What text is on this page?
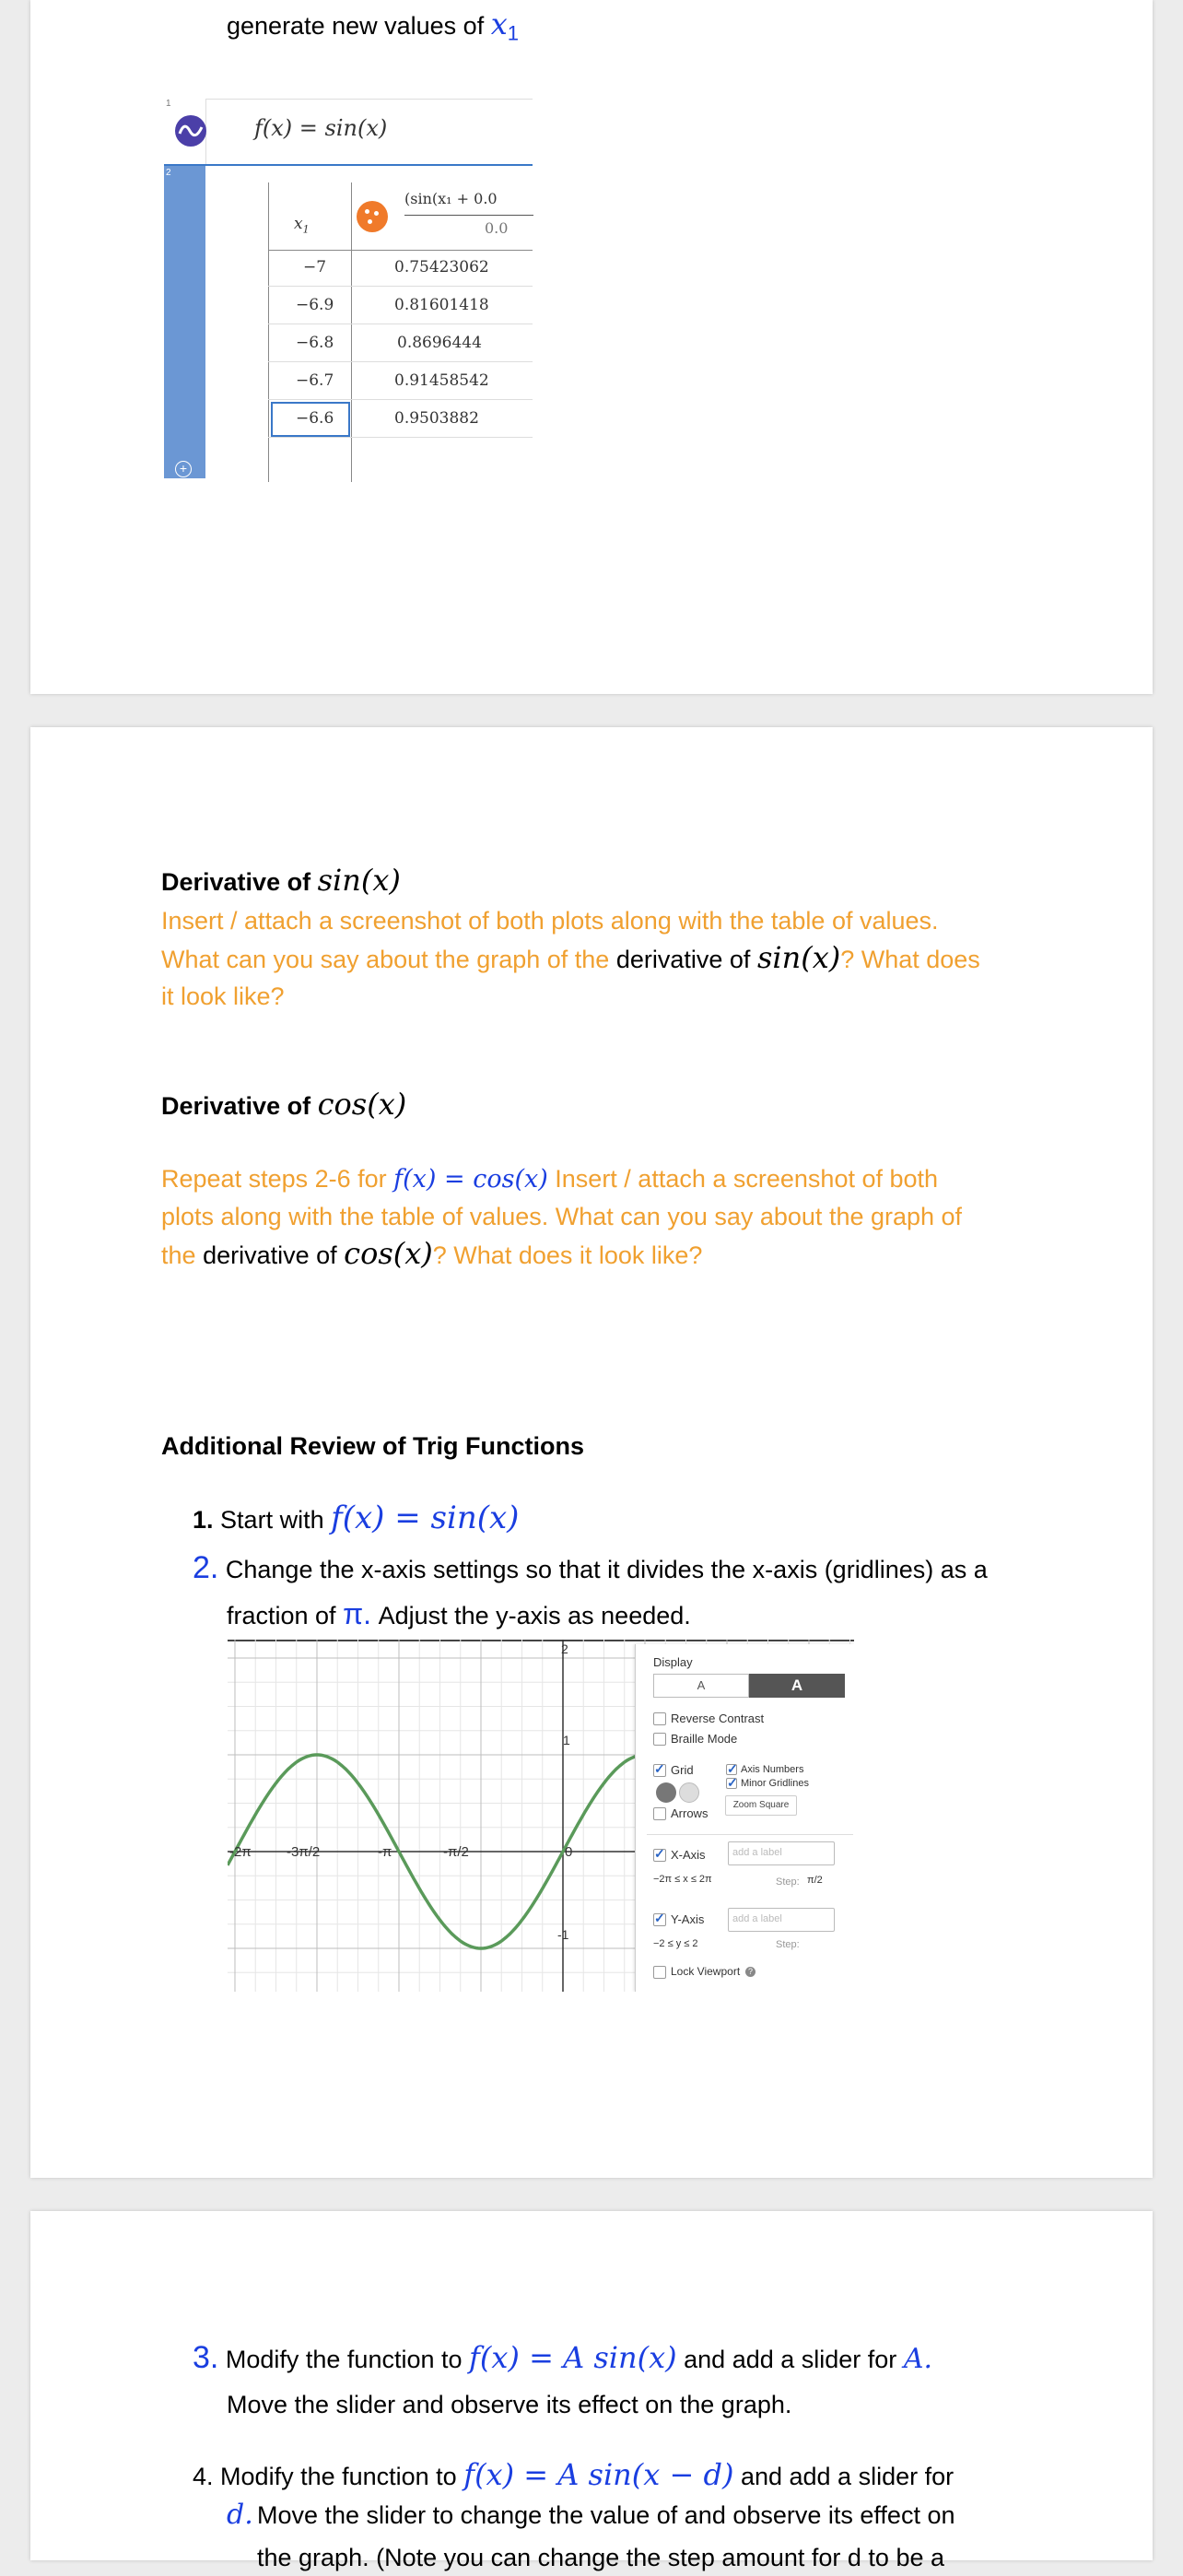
generate new values of $x_1$
1
f(x) = sin(x)
2
+
$x_1$
(sin(x₁ + 0.0
0.0
−7	0.75423062
−6.9	0.81601418
−6.8	0.8696444
−6.7	0.91458542
−6.6	0.9503882
Derivative of sin(x)
Insert / attach a screenshot of both plots along with the table of values.
What can you say about the graph of the derivative of sin(x)? What does
it look like?
Derivative of cos(x)
Repeat steps 2-6 for f(x) = cos(x) Insert / attach a screenshot of both
plots along with the table of values. What can you say about the graph of
the derivative of cos(x)? What does it look like?
Additional Review of Trig Functions
1. Start with f(x) = sin(x)
2. Change the x-axis settings so that it divides the x-axis (gridlines) as a
fraction of π. Adjust the y-axis as needed.
-2π	-3π/2	-π	-π/2	0
2
1
-1
Display
A	A
Reverse Contrast
Braille Mode
✓
Grid
✓	Axis Numbers
✓
Minor Gridlines
Zoom Square
Arrows
✓
X-Axis	add a label
−2π ≤ x ≤ 2π	Step: π/2
✓
Y-Axis	add a label
−2 ≤ y ≤ 2	Step:
Lock Viewport ?
3. Modify the function to f(x) = A sin(x) and add a slider for A.
Move the slider and observe its effect on the graph.
4. Modify the function to f(x) = A sin(x − d) and add a slider for
Move the slider to change the value of and observe its effect on
d.
the graph. (Note you can change the step amount for d to be a
